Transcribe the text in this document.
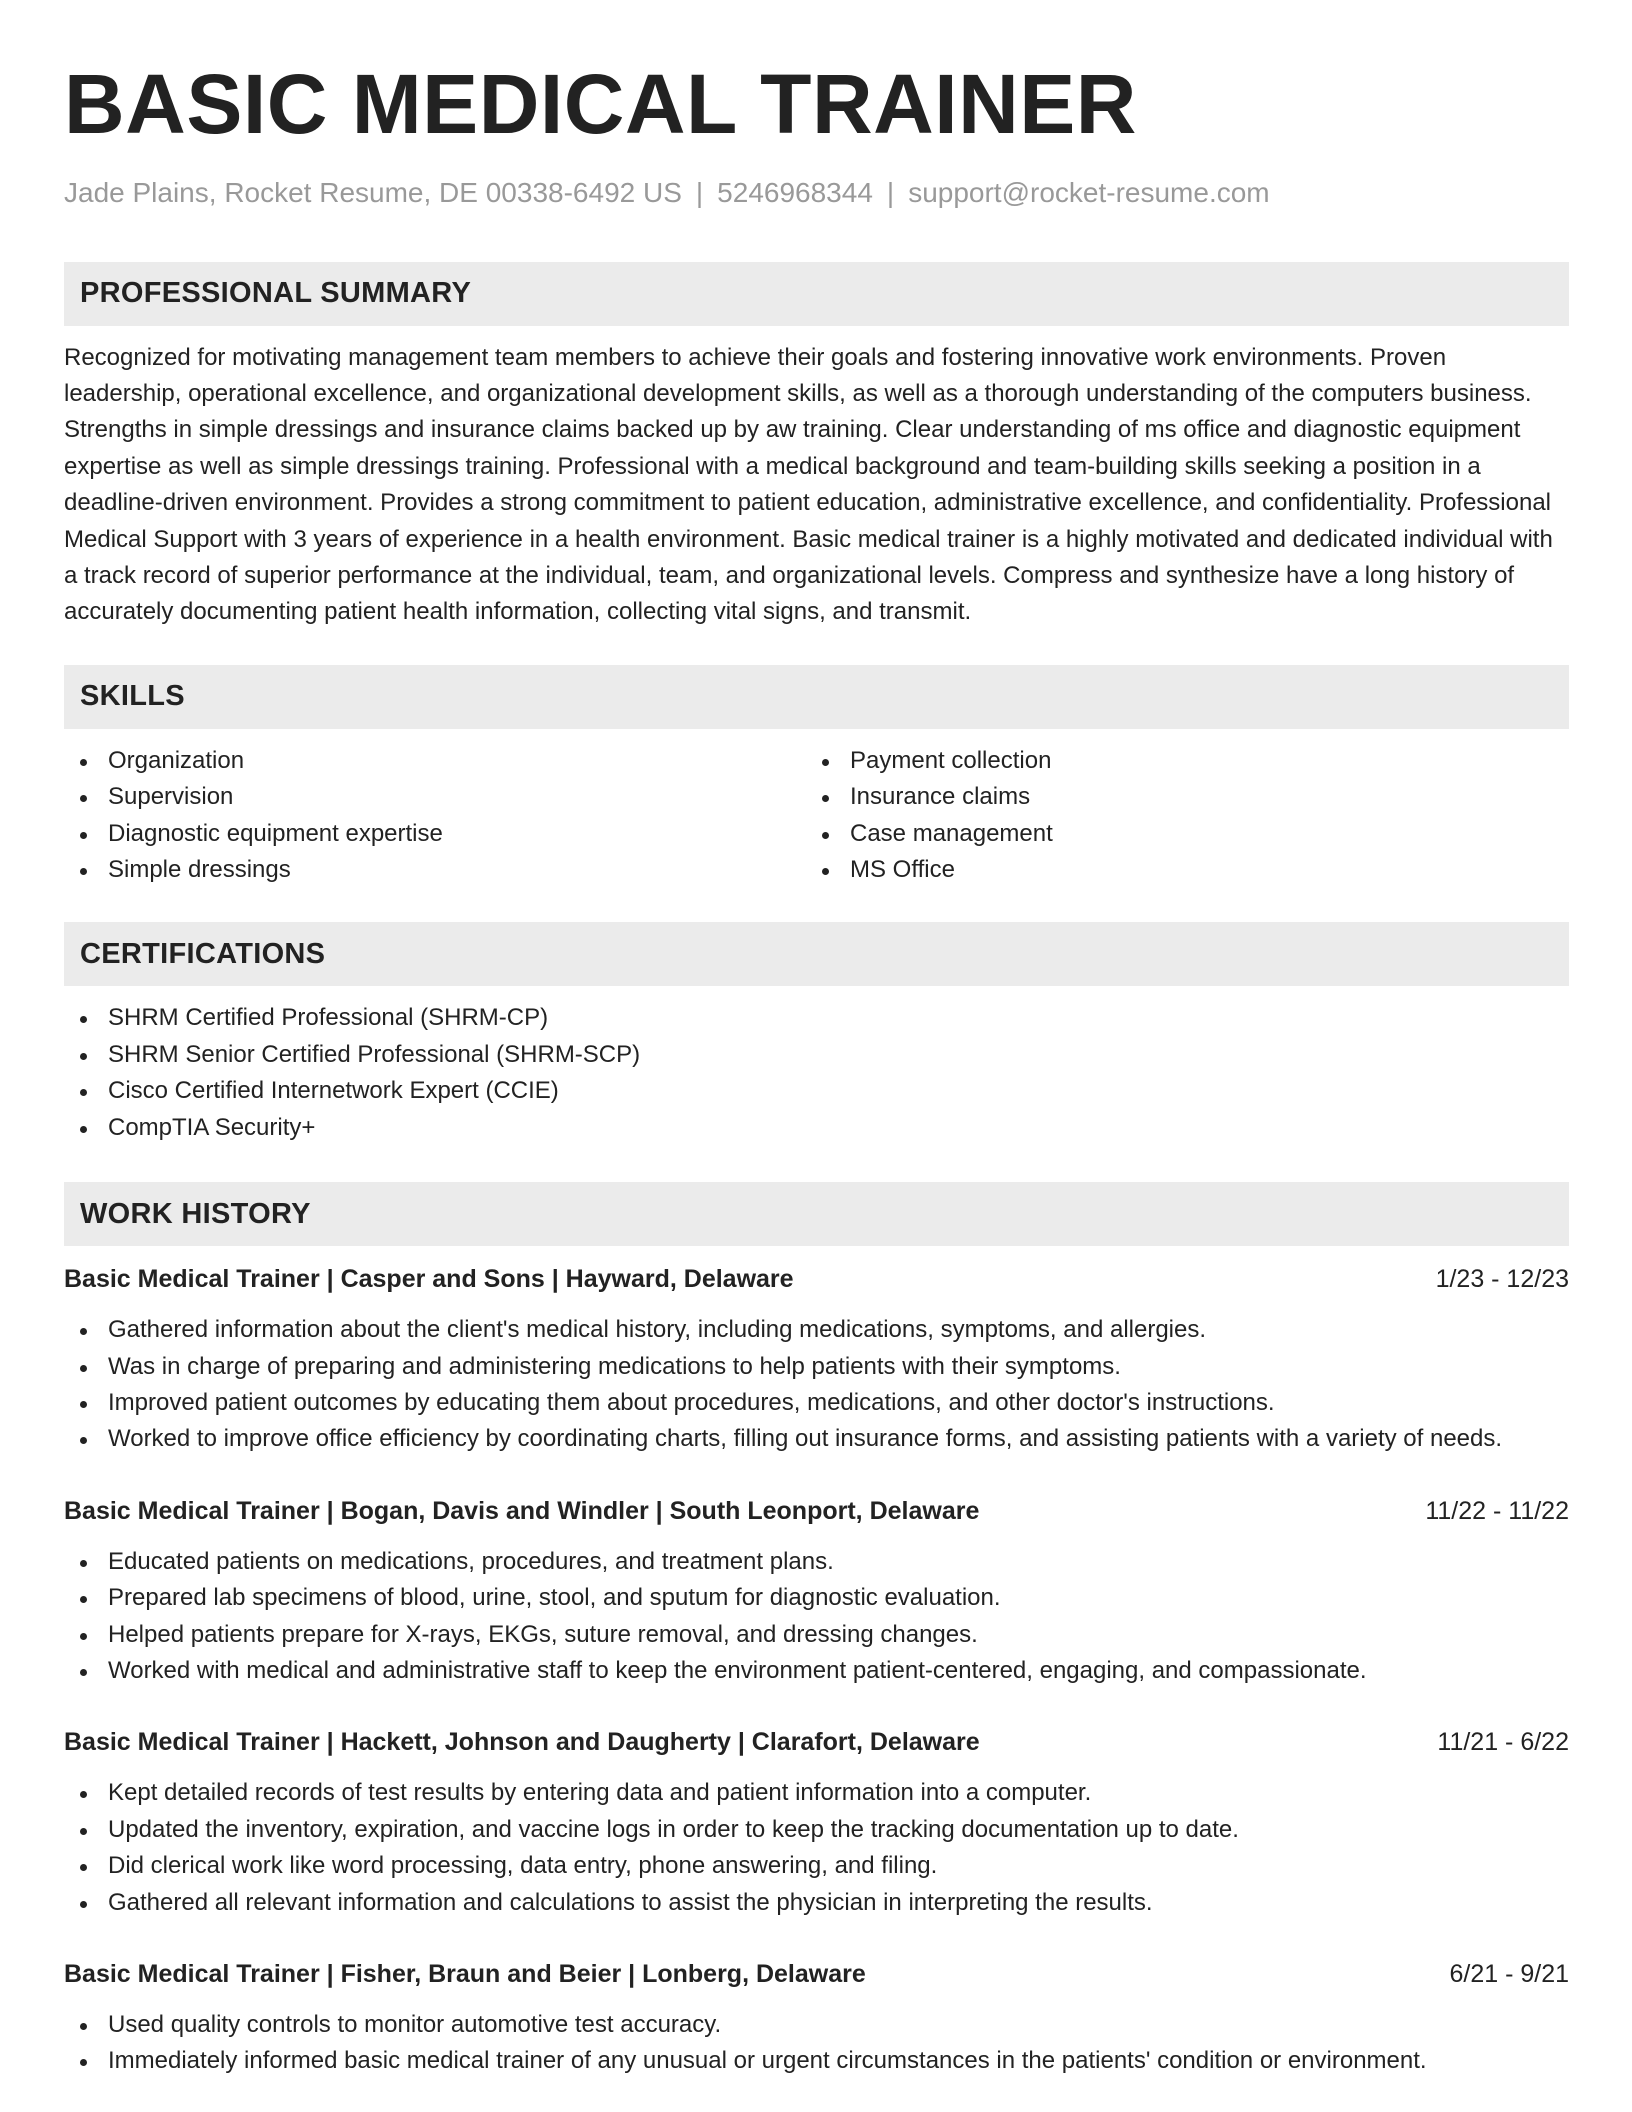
BASIC MEDICAL TRAINER
Jade Plains, Rocket Resume, DE 00338-6492 US | 5246968344 | support@rocket-resume.com
PROFESSIONAL SUMMARY

Recognized for motivating management team members to achieve their goals and fostering innovative work environments. Proven leadership, operational excellence, and organizational development skills, as well as a thorough understanding of the computers business. Strengths in simple dressings and insurance claims backed up by aw training. Clear understanding of ms office and diagnostic equipment expertise as well as simple dressings training. Professional with a medical background and team-building skills seeking a position in a deadline-driven environment. Provides a strong commitment to patient education, administrative excellence, and confidentiality. Professional Medical Support with 3 years of experience in a health environment. Basic medical trainer is a highly motivated and dedicated individual with a track record of superior performance at the individual, team, and organizational levels. Compress and synthesize have a long history of accurately documenting patient health information, collecting vital signs, and transmit.

SKILLS
Organization
Supervision
Diagnostic equipment expertise
Simple dressings
Payment collection
Insurance claims
Case management
MS Office
CERTIFICATIONS
SHRM Certified Professional (SHRM-CP)
SHRM Senior Certified Professional (SHRM-SCP)
Cisco Certified Internetwork Expert (CCIE)
CompTIA Security+
WORK HISTORY
Basic Medical Trainer | Casper and Sons | Hayward, Delaware	1/23 - 12/23
Gathered information about the client's medical history, including medications, symptoms, and allergies.
Was in charge of preparing and administering medications to help patients with their symptoms.
Improved patient outcomes by educating them about procedures, medications, and other doctor's instructions.
Worked to improve office efficiency by coordinating charts, filling out insurance forms, and assisting patients with a variety of needs.
Basic Medical Trainer | Bogan, Davis and Windler | South Leonport, Delaware	11/22 - 11/22
Educated patients on medications, procedures, and treatment plans.
Prepared lab specimens of blood, urine, stool, and sputum for diagnostic evaluation.
Helped patients prepare for X-rays, EKGs, suture removal, and dressing changes.
Worked with medical and administrative staff to keep the environment patient-centered, engaging, and compassionate.
Basic Medical Trainer | Hackett, Johnson and Daugherty | Clarafort, Delaware	11/21 - 6/22
Kept detailed records of test results by entering data and patient information into a computer.
Updated the inventory, expiration, and vaccine logs in order to keep the tracking documentation up to date.
Did clerical work like word processing, data entry, phone answering, and filing.
Gathered all relevant information and calculations to assist the physician in interpreting the results.
Basic Medical Trainer | Fisher, Braun and Beier | Lonberg, Delaware	6/21 - 9/21
Used quality controls to monitor automotive test accuracy.
Immediately informed basic medical trainer of any unusual or urgent circumstances in the patients' condition or environment.
